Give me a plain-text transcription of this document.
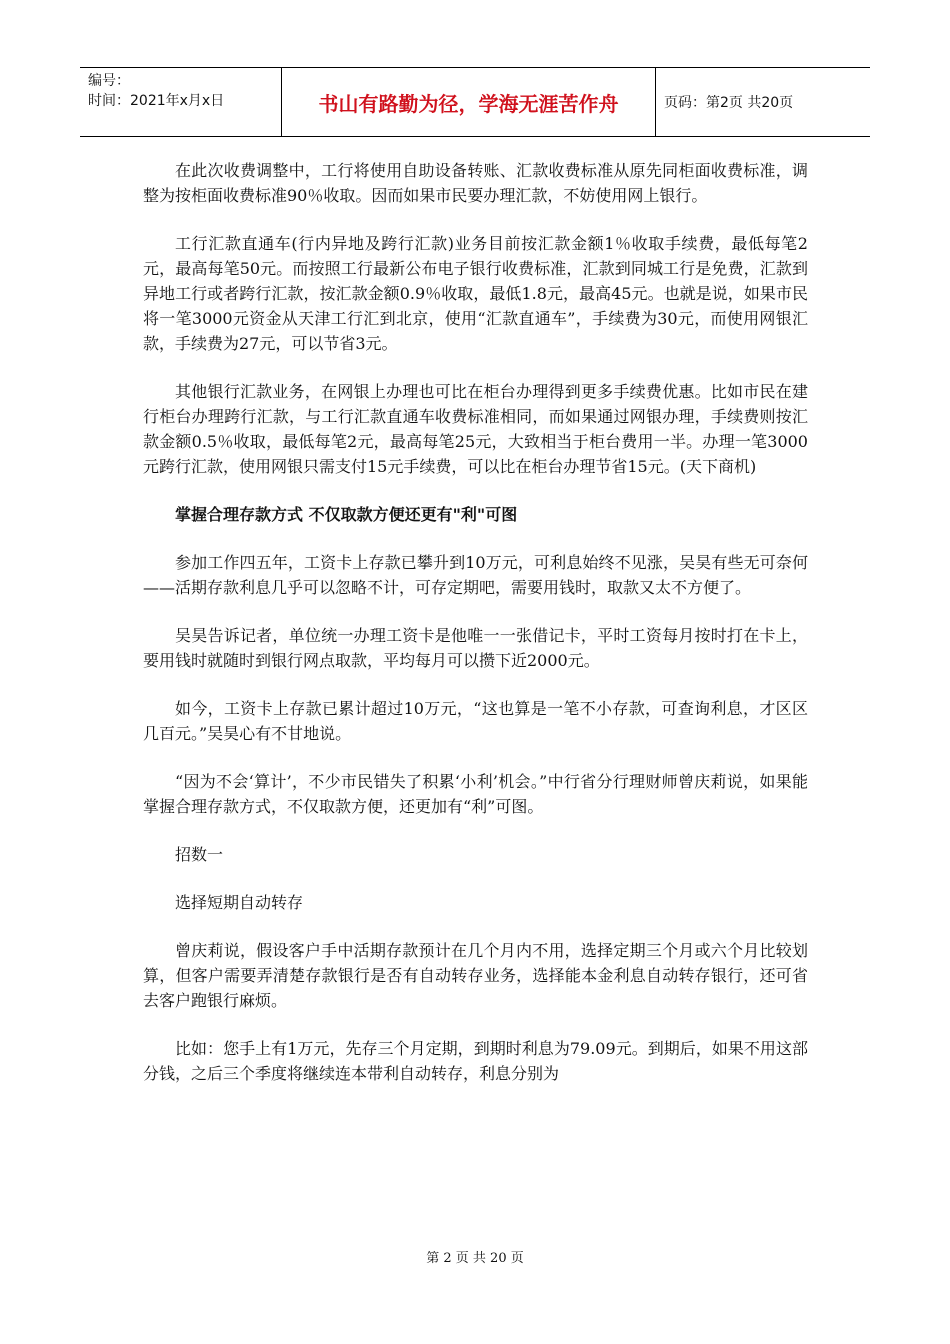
编号：
时间：2021年x月x日	书山有路勤为径，学海无涯苦作舟	页码：第2页 共20页

在此次收费调整中，工行将使用自助设备转账、汇款收费标准从原先同柜面收费标准，调整为按柜面收费标准90％收取。因而如果市民要办理汇款，不妨使用网上银行。

工行汇款直通车(行内异地及跨行汇款)业务目前按汇款金额1％收取手续费，最低每笔2元，最高每笔50元。而按照工行最新公布电子银行收费标准，汇款到同城工行是免费，汇款到异地工行或者跨行汇款，按汇款金额0.9％收取，最低1.8元，最高45元。也就是说，如果市民将一笔3000元资金从天津工行汇到北京，使用“汇款直通车”，手续费为30元，而使用网银汇款，手续费为27元，可以节省3元。

其他银行汇款业务，在网银上办理也可比在柜台办理得到更多手续费优惠。比如市民在建行柜台办理跨行汇款，与工行汇款直通车收费标准相同，而如果通过网银办理，手续费则按汇款金额0.5％收取，最低每笔2元，最高每笔25元，大致相当于柜台费用一半。办理一笔3000元跨行汇款，使用网银只需支付15元手续费，可以比在柜台办理节省15元。(天下商机)

掌握合理存款方式 不仅取款方便还更有"利"可图

参加工作四五年，工资卡上存款已攀升到10万元，可利息始终不见涨，吴昊有些无可奈何——活期存款利息几乎可以忽略不计，可存定期吧，需要用钱时，取款又太不方便了。

吴昊告诉记者，单位统一办理工资卡是他唯一一张借记卡，平时工资每月按时打在卡上，要用钱时就随时到银行网点取款，平均每月可以攒下近2000元。

如今，工资卡上存款已累计超过10万元，“这也算是一笔不小存款，可查询利息，才区区几百元。”吴昊心有不甘地说。

“因为不会‘算计’，不少市民错失了积累‘小利’机会。”中行省分行理财师曾庆莉说，如果能掌握合理存款方式，不仅取款方便，还更加有“利”可图。

招数一

选择短期自动转存

曾庆莉说，假设客户手中活期存款预计在几个月内不用，选择定期三个月或六个月比较划算，但客户需要弄清楚存款银行是否有自动转存业务，选择能本金利息自动转存银行，还可省去客户跑银行麻烦。

比如：您手上有1万元，先存三个月定期，到期时利息为79.09元。到期后，如果不用这部分钱，之后三个季度将继续连本带利自动转存，利息分别为

第 2 页 共 20 页
